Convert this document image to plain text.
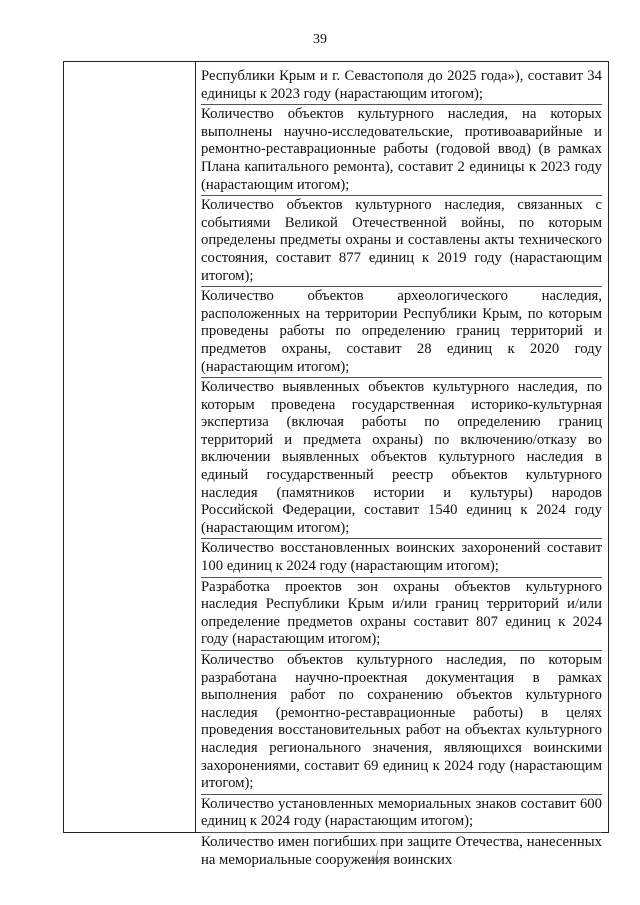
39

Республики Крым и г. Севастополя до 2025 года»), составит 34 единицы к 2023 году (нарастающим итогом);

Количество объектов культурного наследия, на которых выполнены научно-исследовательские, противоаварийные и ремонтно-реставрационные работы (годовой ввод) (в рамках Плана капитального ремонта), составит 2 единицы к 2023 году (нарастающим итогом);

Количество объектов культурного наследия, связанных с событиями Великой Отечественной войны, по которым определены предметы охраны и составлены акты технического состояния, составит 877 единиц к 2019 году (нарастающим итогом);

Количество объектов археологического наследия, расположенных на территории Республики Крым, по которым проведены работы по определению границ территорий и предметов охраны, составит 28 единиц к 2020 году (нарастающим итогом);

Количество выявленных объектов культурного наследия, по которым проведена государственная историко-культурная экспертиза (включая работы по определению границ территорий и предмета охраны) по включению/отказу во включении выявленных объектов культурного наследия в единый государственный реестр объектов культурного наследия (памятников истории и культуры) народов Российской Федерации, составит 1540 единиц к 2024 году (нарастающим итогом);

Количество восстановленных воинских захоронений составит 100 единиц к 2024 году (нарастающим итогом);

Разработка проектов зон охраны объектов культурного наследия Республики Крым и/или границ территорий и/или определение предметов охраны составит 807 единиц к 2024 году (нарастающим итогом);

Количество объектов культурного наследия, по которым разработана научно-проектная документация в рамках выполнения работ по сохранению объектов культурного наследия (ремонтно-реставрационные работы) в целях проведения восстановительных работ на объектах культурного наследия регионального значения, являющихся воинскими захоронениями, составит 69 единиц к 2024 году (нарастающим итогом);

Количество установленных мемориальных знаков составит 600 единиц к 2024 году (нарастающим итогом);

Количество имен погибших при защите Отечества, нанесенных на мемориальные сооружения воинских
